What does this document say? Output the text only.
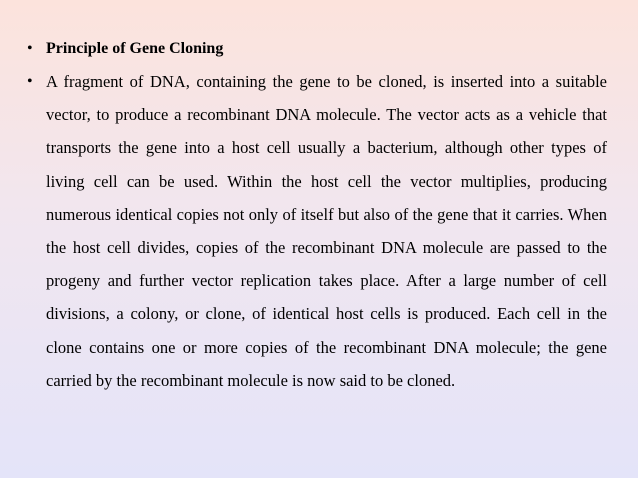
• Principle of Gene Cloning
• A fragment of DNA, containing the gene to be cloned, is inserted into a suitable vector, to produce a recombinant DNA molecule. The vector acts as a vehicle that transports the gene into a host cell usually a bacterium, although other types of living cell can be used. Within the host cell the vector multiplies, producing numerous identical copies not only of itself but also of the gene that it carries. When the host cell divides, copies of the recombinant DNA molecule are passed to the progeny and further vector replication takes place. After a large number of cell divisions, a colony, or clone, of identical host cells is produced. Each cell in the clone contains one or more copies of the recombinant DNA molecule; the gene carried by the recombinant molecule is now said to be cloned.
